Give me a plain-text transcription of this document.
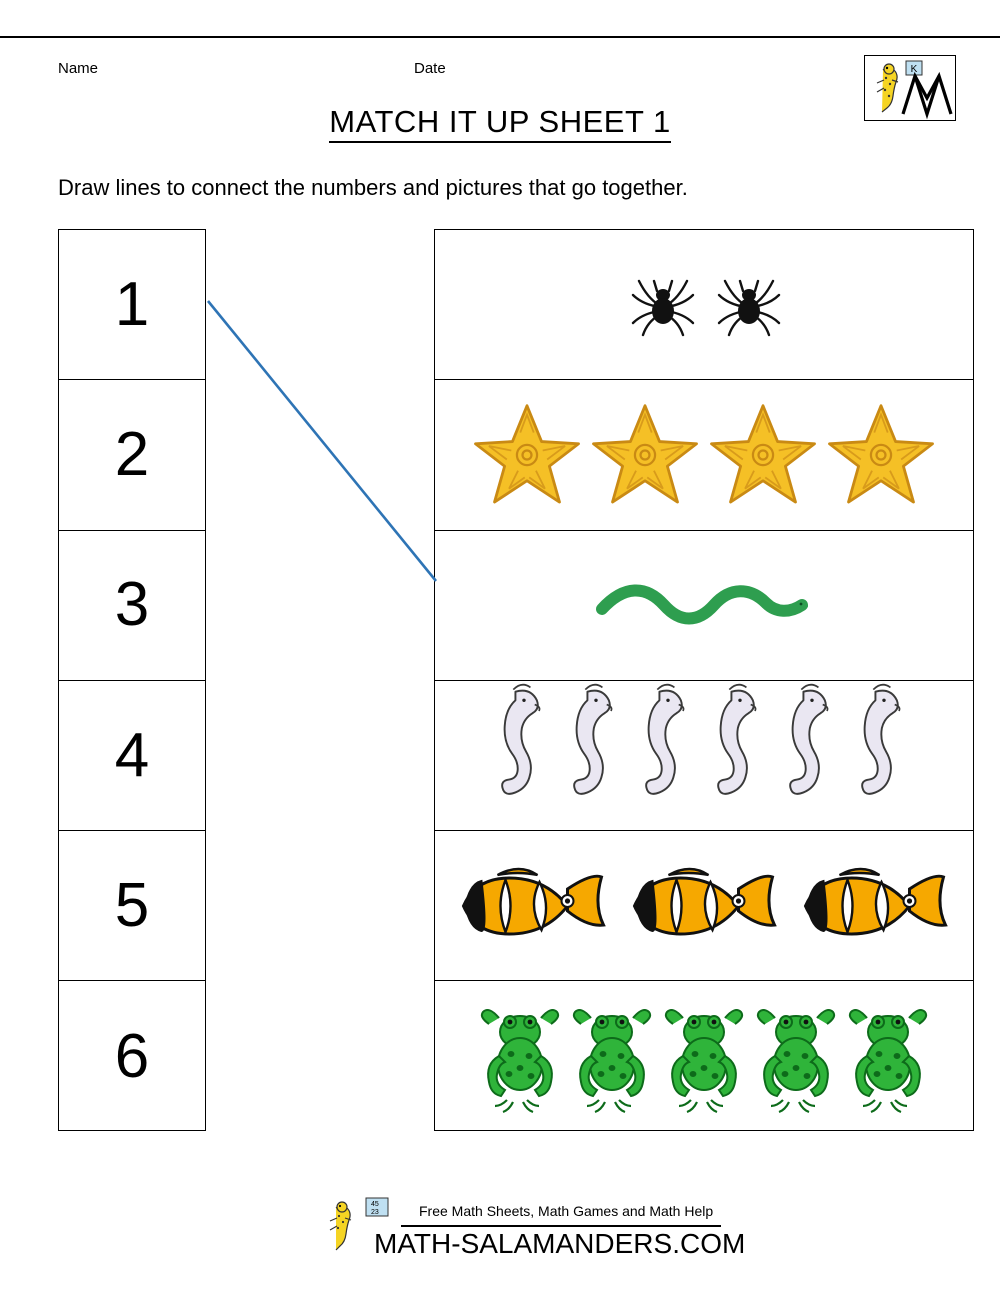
Name	Date	K
MATCH IT UP SHEET 1
Draw lines to connect the numbers and pictures that go together.
1
2
3
4
5
6
45
23	Free Math Sheets, Math Games and Math Help
MATH-SALAMANDERS.COM
